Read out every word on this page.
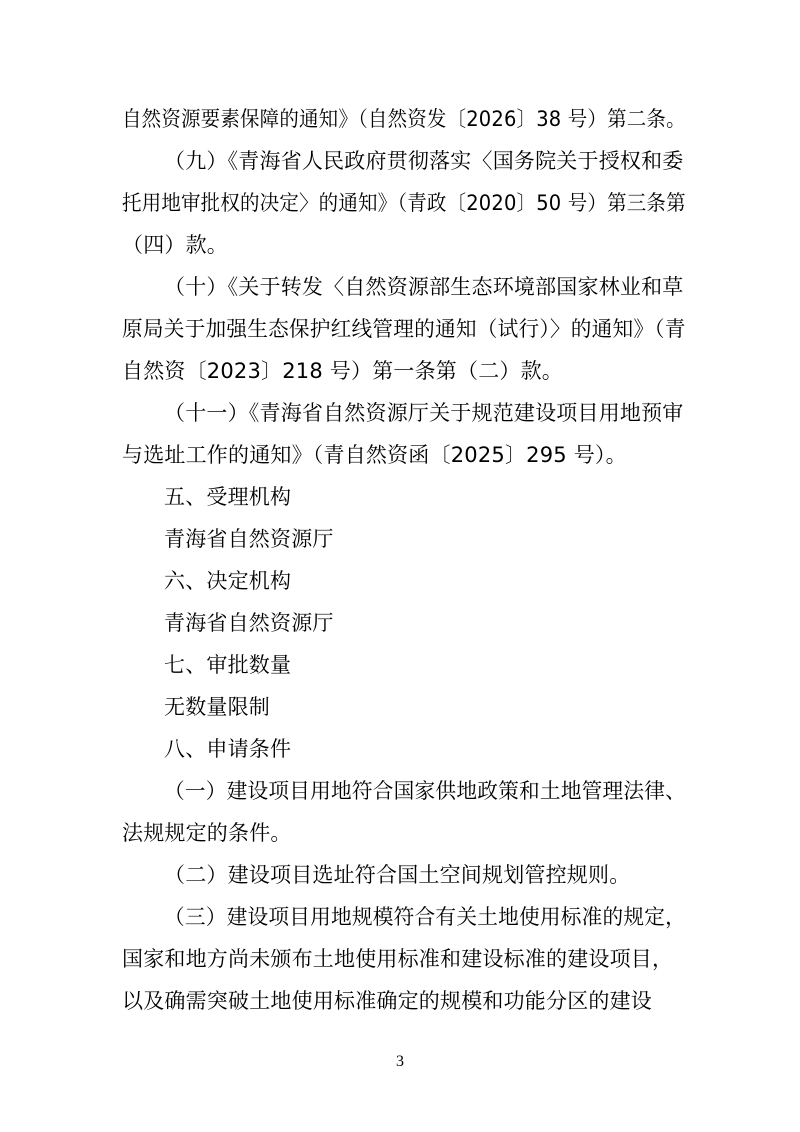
自然资源要素保障的通知》（自然资发〔2026〕38 号）第二条。
（九）《青海省人民政府贯彻落实〈国务院关于授权和委
托用地审批权的决定〉的通知》（青政〔2020〕50 号）第三条第
（四）款。
（十）《关于转发〈自然资源部生态环境部国家林业和草
原局关于加强生态保护红线管理的通知（试行）〉的通知》（青
自然资〔2023〕218 号）第一条第（二）款。
（十一）《青海省自然资源厅关于规范建设项目用地预审
与选址工作的通知》（青自然资函〔2025〕295 号）。
五、受理机构
青海省自然资源厅
六、决定机构
青海省自然资源厅
七、审批数量
无数量限制
八、申请条件
（一）建设项目用地符合国家供地政策和土地管理法律、
法规规定的条件。
（二）建设项目选址符合国土空间规划管控规则。
（三）建设项目用地规模符合有关土地使用标准的规定，
国家和地方尚未颁布土地使用标准和建设标准的建设项目，
以及确需突破土地使用标准确定的规模和功能分区的建设
3
